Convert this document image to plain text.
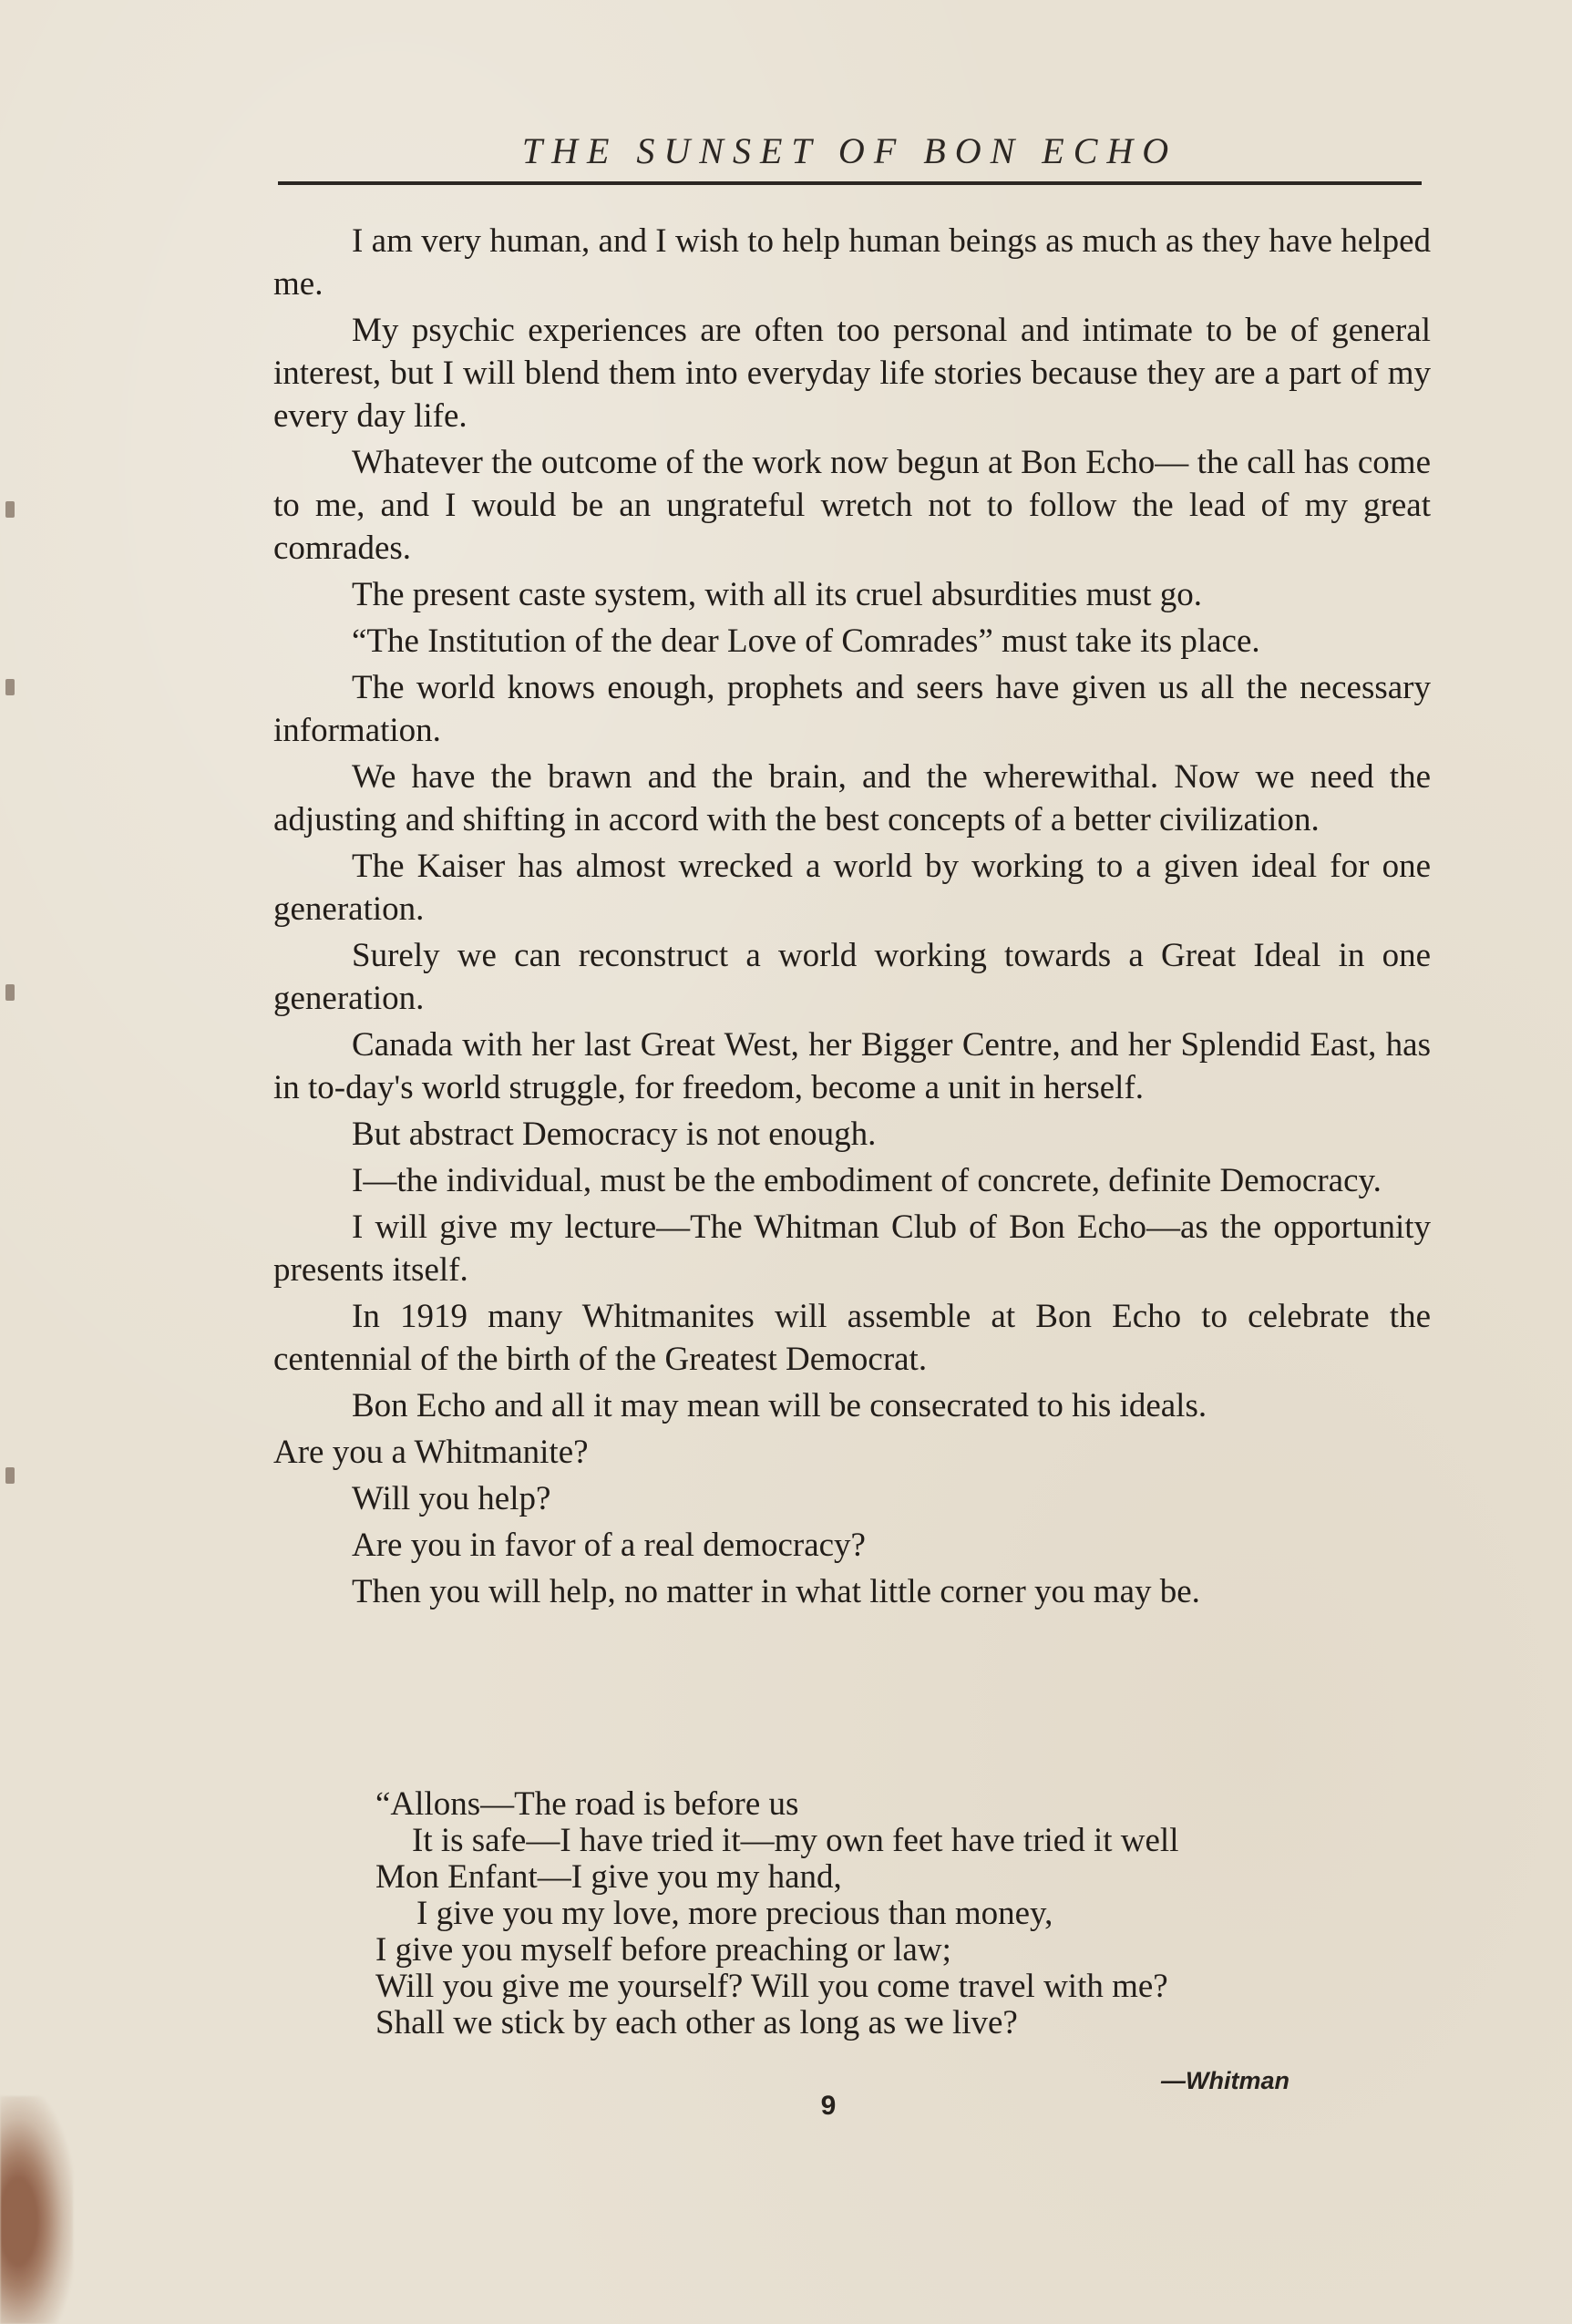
THE SUNSET OF BON ECHO

I am very human, and I wish to help human beings as much as they have helped me.

My psychic experiences are often too personal and intimate to be of general interest, but I will blend them into everyday life stories because they are a part of my every day life.

Whatever the outcome of the work now begun at Bon Echo— the call has come to me, and I would be an ungrateful wretch not to follow the lead of my great comrades.

The present caste system, with all its cruel absurdities must go.

“The Institution of the dear Love of Comrades” must take its place.

The world knows enough, prophets and seers have given us all the necessary information.

We have the brawn and the brain, and the wherewithal. Now we need the adjusting and shifting in accord with the best concepts of a better civilization.

The Kaiser has almost wrecked a world by working to a given ideal for one generation.

Surely we can reconstruct a world working towards a Great Ideal in one generation.

Canada with her last Great West, her Bigger Centre, and her Splendid East, has in to-day's world struggle, for freedom, become a unit in herself.

But abstract Democracy is not enough.

I—the individual, must be the embodiment of concrete, definite Democracy.

I will give my lecture—The Whitman Club of Bon Echo—as the opportunity presents itself.

In 1919 many Whitmanites will assemble at Bon Echo to celebrate the centennial of the birth of the Greatest Democrat.

Bon Echo and all it may mean will be consecrated to his ideals.

Are you a Whitmanite?

Will you help?

Are you in favor of a real democracy?

Then you will help, no matter in what little corner you may be.

“Allons—The road is before us

It is safe—I have tried it—my own feet have tried it well

Mon Enfant—I give you my hand,

I give you my love, more precious than money,

I give you myself before preaching or law;

Will you give me yourself? Will you come travel with me?

Shall we stick by each other as long as we live?

—Whitman
9
